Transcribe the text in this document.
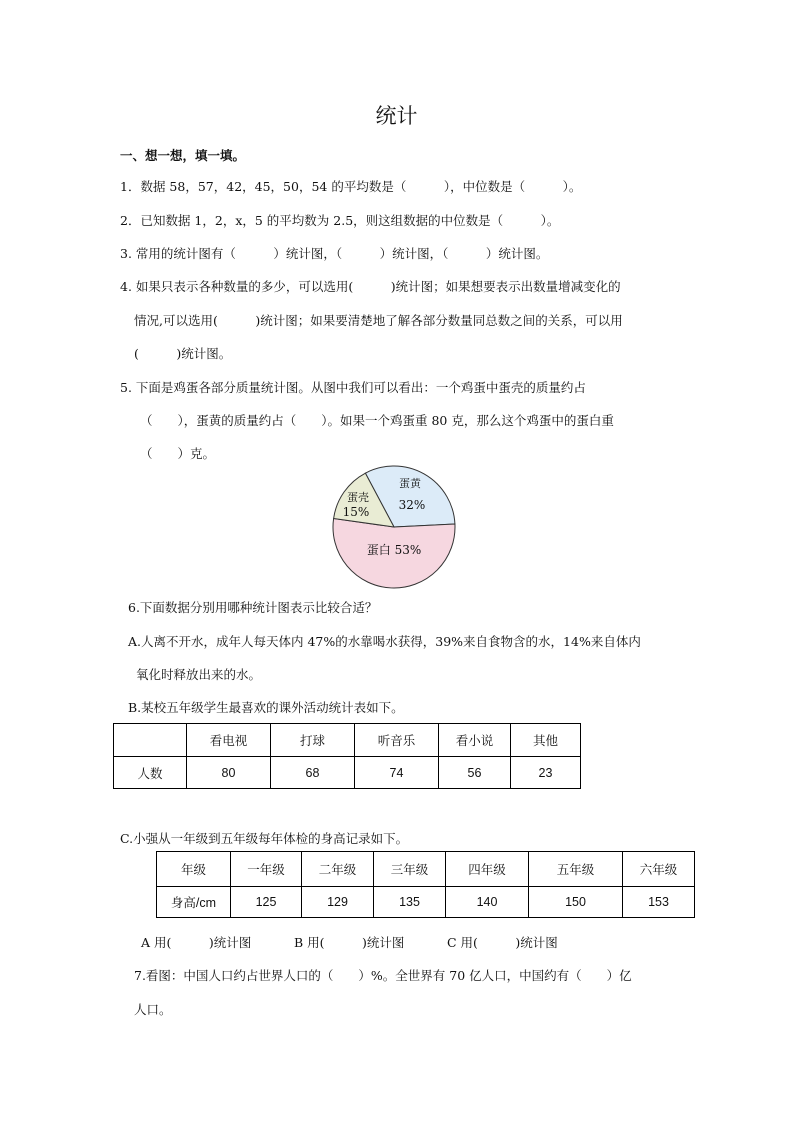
统计
一、想一想，填一填。
1．数据 58，57，42，45，50，54 的平均数是（　　　），中位数是（　　　）。
2．已知数据 1，2，x，5 的平均数为 2.5，则这组数据的中位数是（　　　）。
3. 常用的统计图有（　　　）统计图，（　　　）统计图，（　　　）统计图。
4. 如果只表示各种数量的多少，可以选用(　　　)统计图；如果想要表示出数量增减变化的
情况,可以选用(　　　)统计图；如果要清楚地了解各部分数量同总数之间的关系，可以用
(　　　)统计图。
5. 下面是鸡蛋各部分质量统计图。从图中我们可以看出：一个鸡蛋中蛋壳的质量约占
（　　），蛋黄的质量约占（　　）。如果一个鸡蛋重 80 克，那么这个鸡蛋中的蛋白重
（　　）克。
蛋黄
32%
蛋白 53%
蛋壳
15%
6.下面数据分别用哪种统计图表示比较合适？
A.人离不开水，成年人每天体内 47%的水靠喝水获得，39%来自食物含的水，14%来自体内
氧化时释放出来的水。
B.某校五年级学生最喜欢的课外活动统计表如下。
	看电视	打球	听音乐	看小说	其他
人数	80	68	74	56	23
C.小强从一年级到五年级每年体检的身高记录如下。
年级	一年级	二年级	三年级	四年级	五年级	六年级
身高/cm	125	129	135	140	150	153
A 用(　　　)统计图	B 用(　　　)统计图	C 用(　　　)统计图
7.看图：中国人口约占世界人口的（　　）%。全世界有 70 亿人口，中国约有（　　）亿
人口。
